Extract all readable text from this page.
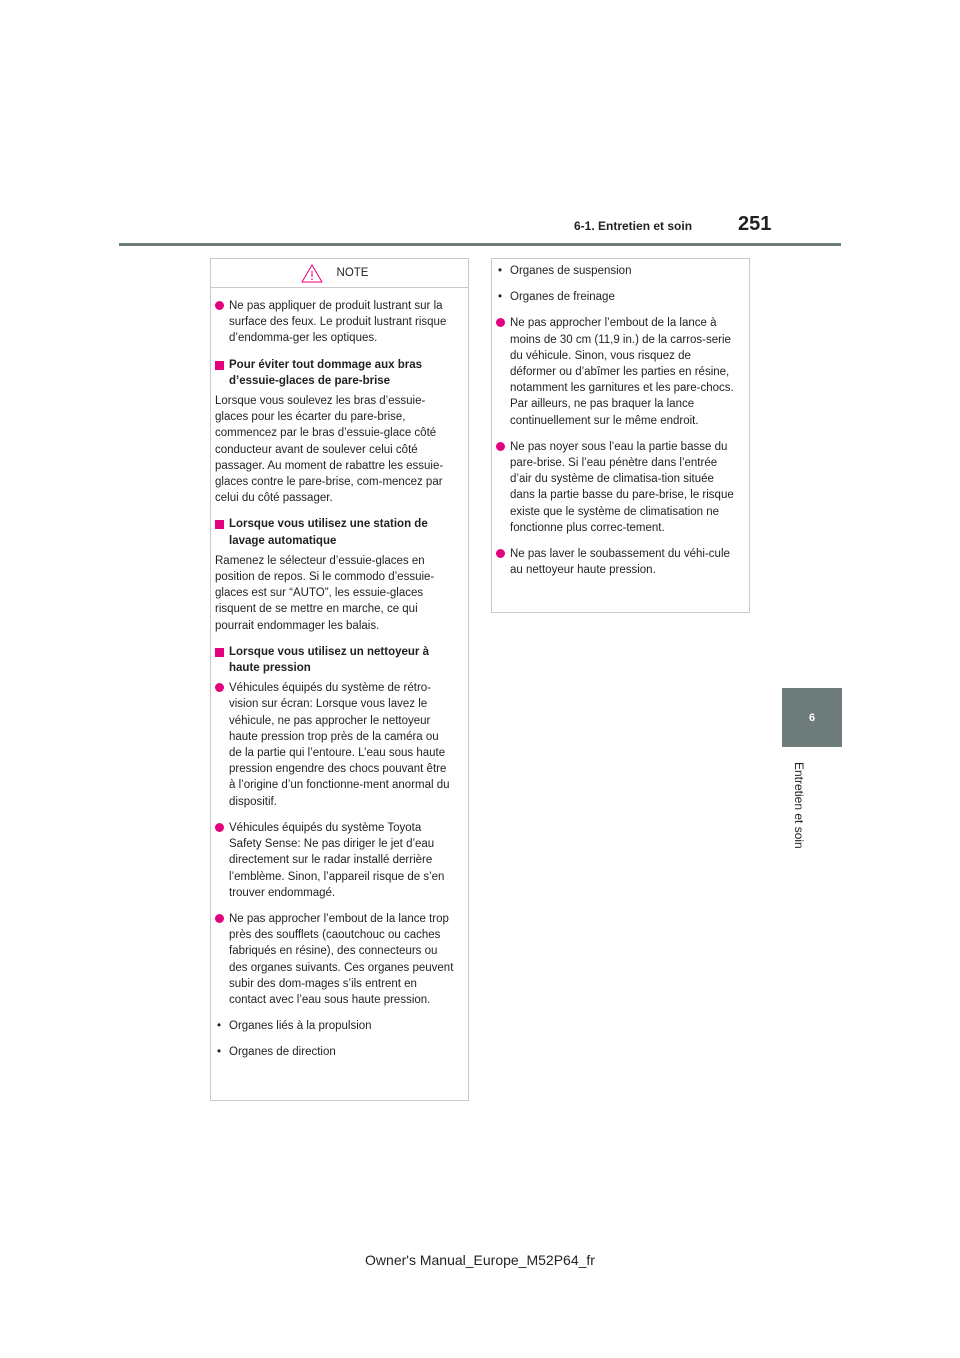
6-1. Entretien et soin 251
6
Entretien et soin
NOTE
Ne pas appliquer de produit lustrant sur la surface des feux. Le produit lustrant risque d’endomma-ger les optiques.
Pour éviter tout dommage aux bras d’essuie-glaces de pare-brise
Lorsque vous soulevez les bras d’essuie-glaces pour les écarter du pare-brise, commencez par le bras d’essuie-glace côté conducteur avant de soulever celui côté passager. Au moment de rabattre les essuie-glaces contre le pare-brise, com-mencez par celui du côté passager.
Lorsque vous utilisez une station de lavage automatique
Ramenez le sélecteur d’essuie-glaces en position de repos. Si le commodo d’essuie-glaces est sur “AUTO”, les essuie-glaces risquent de se mettre en marche, ce qui pourrait endommager les balais.
Lorsque vous utilisez un nettoyeur à haute pression
Véhicules équipés du système de rétro-vision sur écran: Lorsque vous lavez le véhicule, ne pas approcher le nettoyeur haute pression trop près de la caméra ou de la partie qui l’entoure. L’eau sous haute pression engendre des chocs pouvant être à l’origine d’un fonctionne-ment anormal du dispositif.
Véhicules équipés du système Toyota Safety Sense: Ne pas diriger le jet d’eau directement sur le radar installé derrière l’emblème. Sinon, l’appareil risque de s’en trouver endommagé.
Ne pas approcher l’embout de la lance trop près des soufflets (caoutchouc ou caches fabriqués en résine), des connecteurs ou des organes suivants. Ces organes peuvent subir des dom-mages s’ils entrent en contact avec l’eau sous haute pression.
• Organes liés à la propulsion
• Organes de direction
• Organes de suspension
• Organes de freinage
Ne pas approcher l’embout de la lance à moins de 30 cm (11,9 in.) de la carros-serie du véhicule. Sinon, vous risquez de déformer ou d’abîmer les parties en résine, notamment les garnitures et les pare-chocs. Par ailleurs, ne pas braquer la lance continuellement sur le même endroit.
Ne pas noyer sous l’eau la partie basse du pare-brise. Si l’eau pénètre dans l’entrée d’air du système de climatisa-tion située dans la partie basse du pare-brise, le risque existe que le système de climatisation ne fonctionne plus correc-tement.
Ne pas laver le soubassement du véhi-cule au nettoyeur haute pression.
Owner's Manual_Europe_M52P64_fr
